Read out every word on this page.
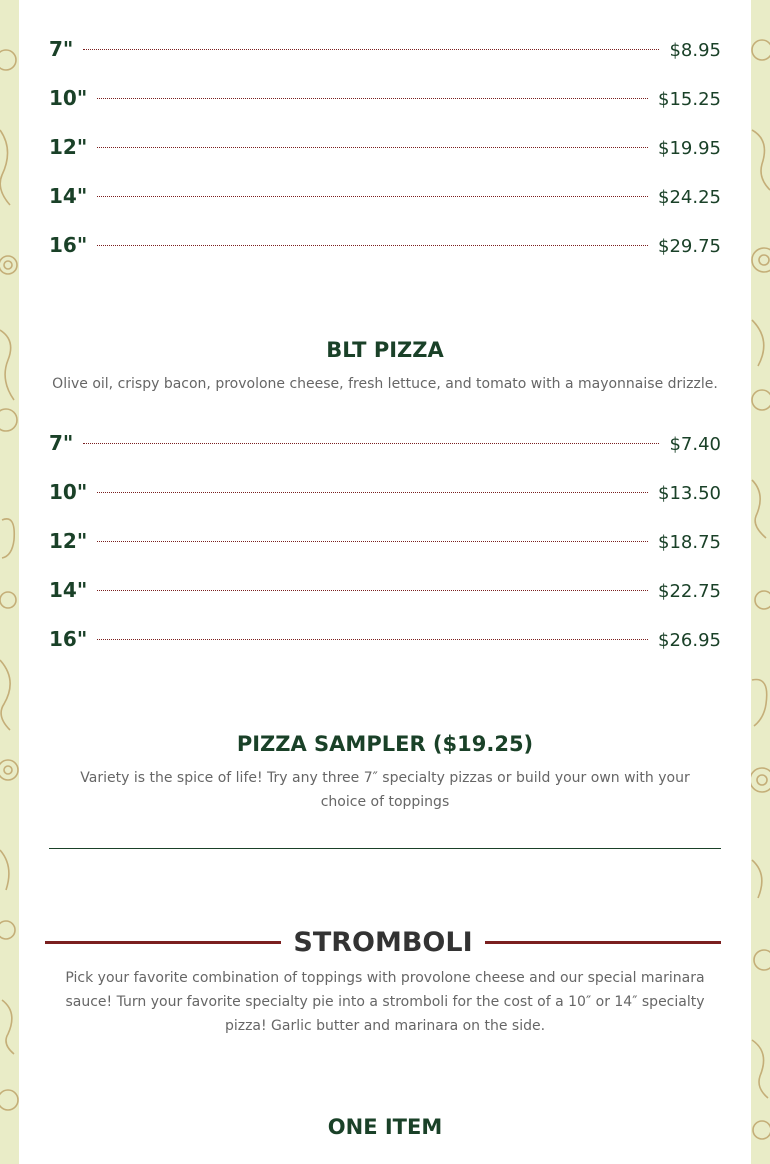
7"	$8.95
10"	$15.25
12"	$19.95
14"	$24.25
16"	$29.75
BLT PIZZA

Olive oil, crispy bacon, provolone cheese, fresh lettuce, and tomato with a mayonnaise drizzle.

7"	$7.40
10"	$13.50
12"	$18.75
14"	$22.75
16"	$26.95
PIZZA SAMPLER ($19.25)

Variety is the spice of life! Try any three 7″ specialty pizzas or build your own with your choice of toppings

STROMBOLI

Pick your favorite combination of toppings with provolone cheese and our special marinara sauce! Turn your favorite specialty pie into a stromboli for the cost of a 10″ or 14″ specialty pizza! Garlic butter and marinara on the side.

ONE ITEM
